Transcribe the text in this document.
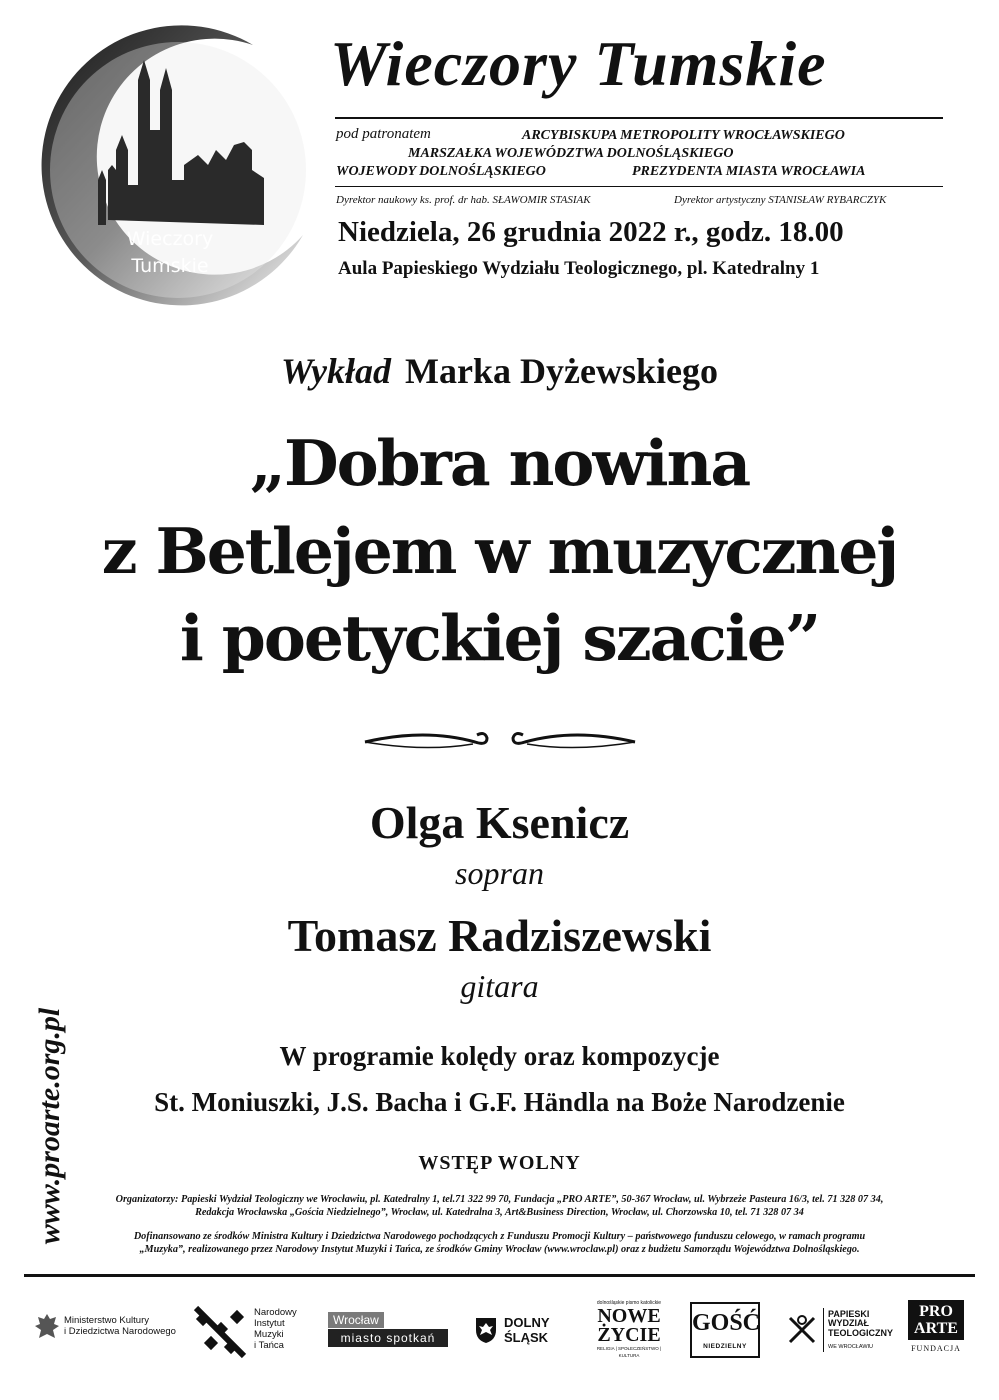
Wieczory
Tumskie
Wieczory Tumskie
pod patronatem	ARCYBISKUPA METROPOLITY WROCŁAWSKIEGO
MARSZAŁKA WOJEWÓDZTWA DOLNOŚLĄSKIEGO
WOJEWODY DOLNOŚLĄSKIEGO	PREZYDENTA MIASTA WROCŁAWIA
Dyrektor naukowy ks. prof. dr hab. SŁAWOMIR STASIAK	Dyrektor artystyczny STANISŁAW RYBARCZYK
Niedziela, 26 grudnia 2022 r., godz. 18.00
Aula Papieskiego Wydziału Teologicznego, pl. Katedralny 1
Wykład Marka Dyżewskiego
„Dobra nowina
z Betlejem w muzycznej
i poetyckiej szacie”
Olga Ksenicz
sopran
Tomasz Radziszewski
gitara
W programie kolędy oraz kompozycje
St. Moniuszki, J.S. Bacha i G.F. Händla na Boże Narodzenie
WSTĘP WOLNY
Organizatorzy: Papieski Wydział Teologiczny we Wrocławiu, pl. Katedralny 1, tel.71 322 99 70, Fundacja „PRO ARTE”, 50-367 Wrocław, ul. Wybrzeże Pasteura 16/3, tel. 71 328 07 34,
Redakcja Wrocławska „Gościa Niedzielnego”, Wrocław, ul. Katedralna 3, Art&Business Direction, Wrocław, ul. Chorzowska 10, tel. 71 328 07 34
Dofinansowano ze środków Ministra Kultury i Dziedzictwa Narodowego pochodzących z Funduszu Promocji Kultury – państwowego funduszu celowego, w ramach programu
„Muzyka”, realizowanego przez Narodowy Instytut Muzyki i Tańca, ze środków Gminy Wrocław (www.wroclaw.pl) oraz z budżetu Samorządu Województwa Dolnośląskiego.
www.proarte.org.pl
Ministerstwo Kultury
i Dziedzictwa Narodowego
Narodowy
Instytut
Muzyki
i Tańca
Wrocław
miasto spotkań
DOLNY
ŚLĄSK
dolnośląskie pismo katolickie
NOWE
ŻYCIE
RELIGIA | SPOŁECZEŃSTWO | KULTURA
GOŚĆ
NIEDZIELNY
PAPIESKI
WYDZIAŁ
TEOLOGICZNY
WE WROCŁAWIU
PRO
ARTE
FUNDACJA
